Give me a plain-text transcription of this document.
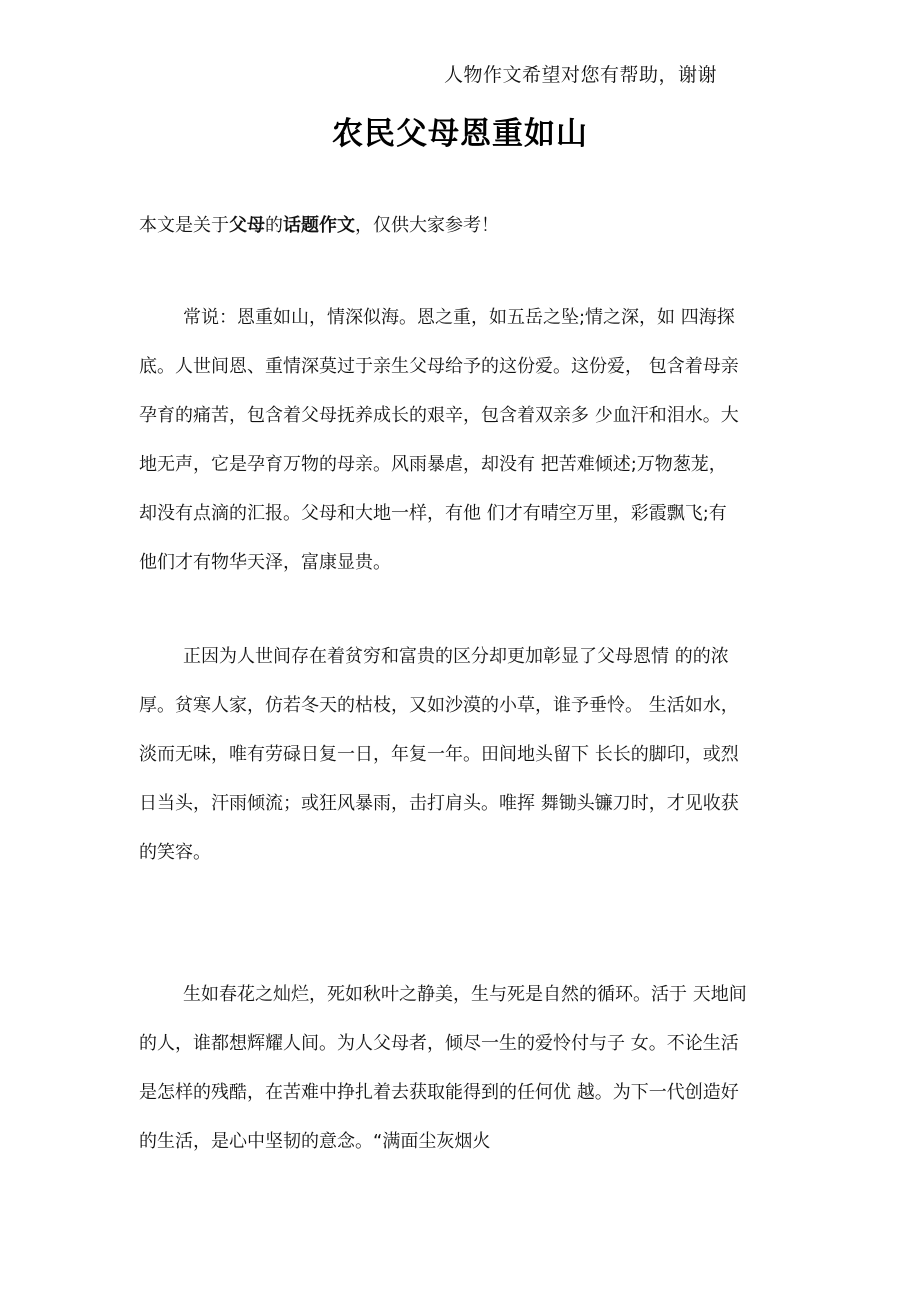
人物作文希望对您有帮助，谢谢
农民父母恩重如山
本文是关于父母的话题作文，仅供大家参考！
常说：恩重如山，情深似海。恩之重，如五岳之坠;情之深，如 四海探
底。人世间恩、重情深莫过于亲生父母给予的这份爱。这份爱， 包含着母亲
孕育的痛苦，包含着父母抚养成长的艰辛，包含着双亲多 少血汗和泪水。大
地无声，它是孕育万物的母亲。风雨暴虐，却没有 把苦难倾述;万物葱茏，
却没有点滴的汇报。父母和大地一样，有他 们才有晴空万里，彩霞飘飞;有
他们才有物华天泽，富康显贵。
正因为人世间存在着贫穷和富贵的区分却更加彰显了父母恩情 的的浓
厚。贫寒人家，仿若冬天的枯枝，又如沙漠的小草，谁予垂怜。 生活如水，
淡而无味，唯有劳碌日复一日，年复一年。田间地头留下 长长的脚印，或烈
日当头，汗雨倾流；或狂风暴雨，击打肩头。唯挥 舞锄头镰刀时，才见收获
的笑容。
生如春花之灿烂，死如秋叶之静美，生与死是自然的循环。活于 天地间
的人，谁都想辉耀人间。为人父母者，倾尽一生的爱怜付与子 女。不论生活
是怎样的残酷，在苦难中挣扎着去获取能得到的任何优 越。为下一代创造好
的生活，是心中坚韧的意念。“满面尘灰烟火
